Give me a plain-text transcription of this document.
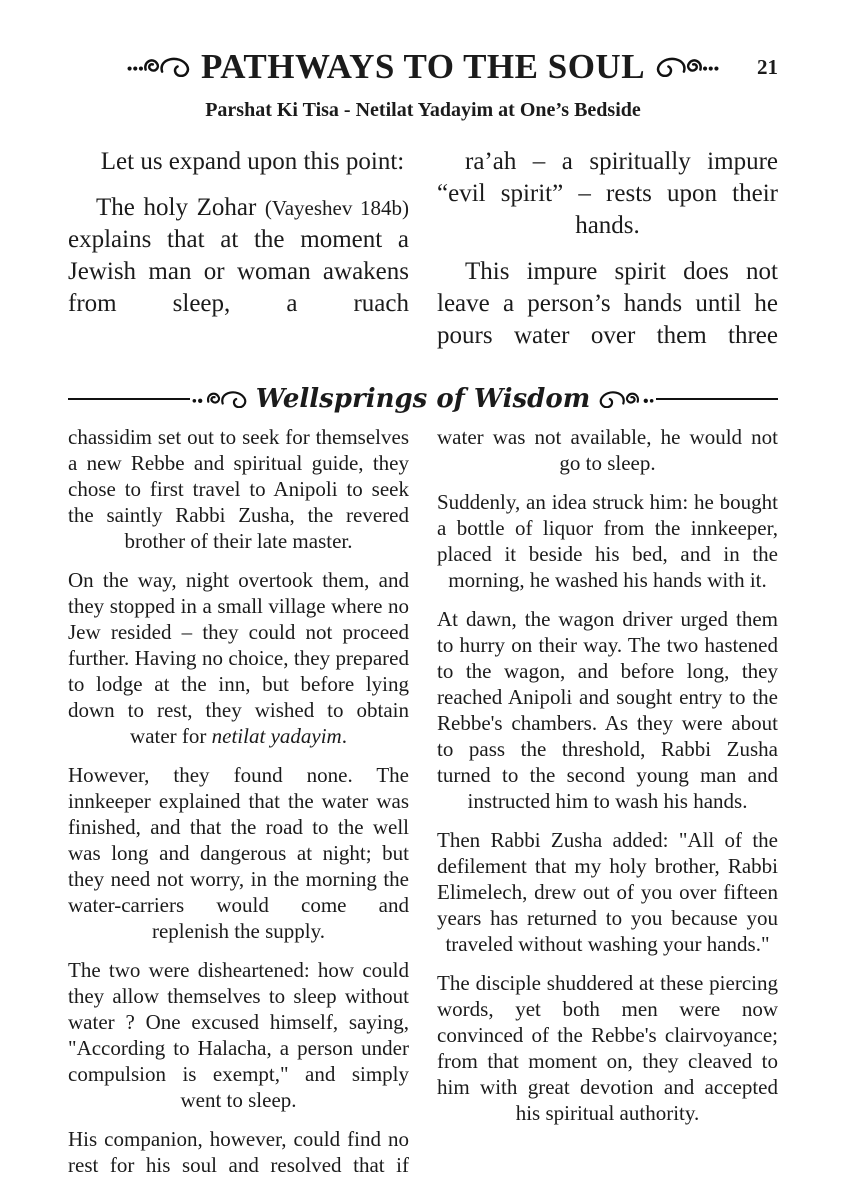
PATHWAYS TO THE SOUL	21
Parshat Ki Tisa - Netilat Yadayim at One’s Bedside

Let us expand upon this point:

The holy Zohar (Vayeshev 184b) explains that at the moment a Jewish man or woman awakens from sleep, a ruach

ra’ah – a spiritually impure “evil spirit” – rests upon their hands.

This impure spirit does not leave a person’s hands until he pours water over them three

Wellsprings of Wisdom

chassidim set out to seek for themselves a new Rebbe and spiritual guide, they chose to first travel to Anipoli to seek the saintly Rabbi Zusha, the revered brother of their late master.

On the way, night overtook them, and they stopped in a small village where no Jew resided – they could not proceed further. Having no choice, they prepared to lodge at the inn, but before lying down to rest, they wished to obtain water for netilat yadayim.

However, they found none. The innkeeper explained that the water was finished, and that the road to the well was long and dangerous at night; but they need not worry, in the morning the water-carriers would come and replenish the supply.

The two were disheartened: how could they allow themselves to sleep without water ? One excused himself, saying, "According to Halacha, a person under compulsion is exempt," and simply went to sleep.

His companion, however, could find no rest for his soul and resolved that if

water was not available, he would not go to sleep.

Suddenly, an idea struck him: he bought a bottle of liquor from the innkeeper, placed it beside his bed, and in the morning, he washed his hands with it.

At dawn, the wagon driver urged them to hurry on their way. The two hastened to the wagon, and before long, they reached Anipoli and sought entry to the Rebbe's chambers. As they were about to pass the threshold, Rabbi Zusha turned to the second young man and instructed him to wash his hands.

Then Rabbi Zusha added: "All of the defilement that my holy brother, Rabbi Elimelech, drew out of you over fifteen years has returned to you because you traveled without washing your hands."

The disciple shuddered at these piercing words, yet both men were now convinced of the Rebbe's clairvoyance; from that moment on, they cleaved to him with great devotion and accepted his spiritual authority.
